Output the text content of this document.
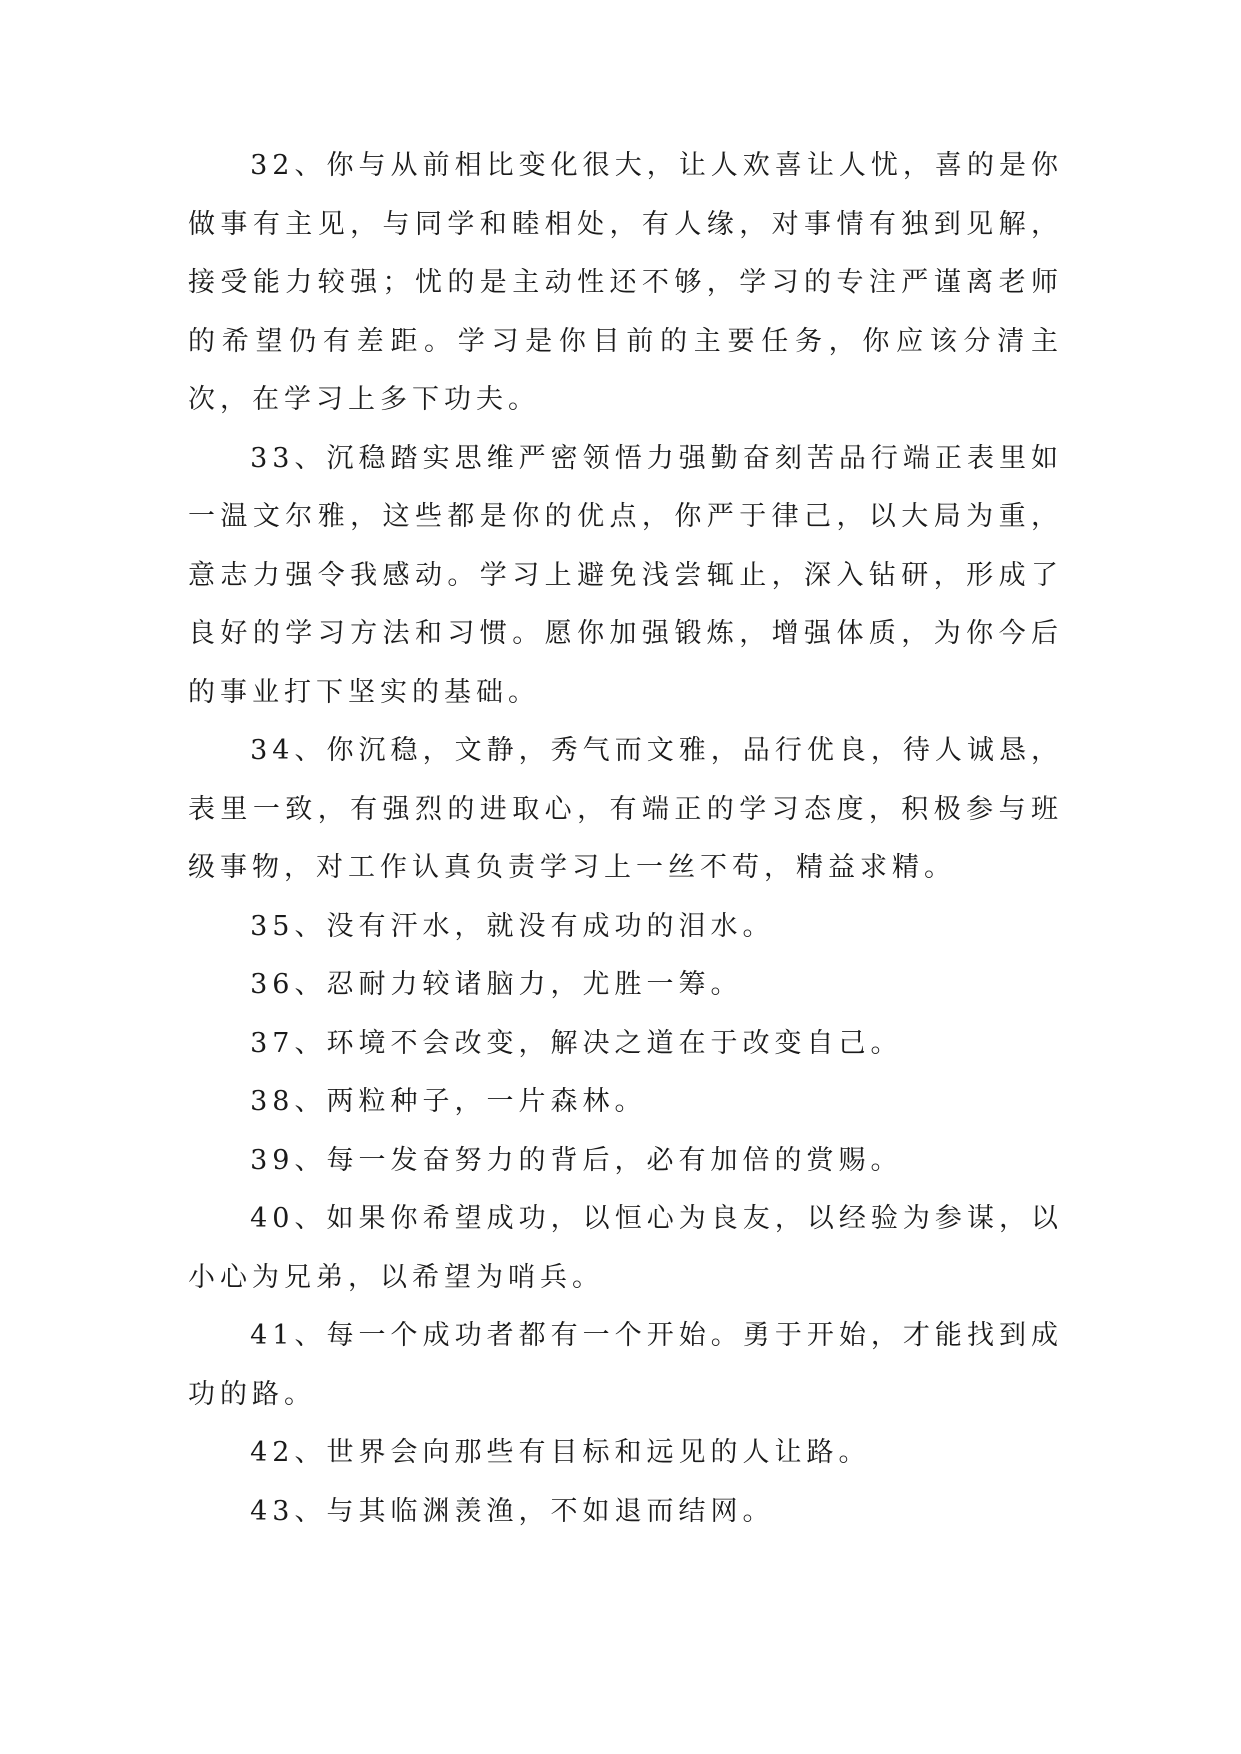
32、你与从前相比变化很大，让人欢喜让人忧，喜的是你做事有主见，与同学和睦相处，有人缘，对事情有独到见解，接受能力较强；忧的是主动性还不够，学习的专注严谨离老师的希望仍有差距。学习是你目前的主要任务，你应该分清主次，在学习上多下功夫。

33、沉稳踏实思维严密领悟力强勤奋刻苦品行端正表里如一温文尔雅，这些都是你的优点，你严于律己，以大局为重，意志力强令我感动。学习上避免浅尝辄止，深入钻研，形成了良好的学习方法和习惯。愿你加强锻炼，增强体质，为你今后的事业打下坚实的基础。

34、你沉稳，文静，秀气而文雅，品行优良，待人诚恳，表里一致，有强烈的进取心，有端正的学习态度，积极参与班级事物，对工作认真负责学习上一丝不苟，精益求精。

35、没有汗水，就没有成功的泪水。

36、忍耐力较诸脑力，尤胜一筹。

37、环境不会改变，解决之道在于改变自己。

38、两粒种子，一片森林。

39、每一发奋努力的背后，必有加倍的赏赐。

40、如果你希望成功，以恒心为良友，以经验为参谋，以小心为兄弟，以希望为哨兵。

41、每一个成功者都有一个开始。勇于开始，才能找到成功的路。

42、世界会向那些有目标和远见的人让路。

43、与其临渊羡渔，不如退而结网。
